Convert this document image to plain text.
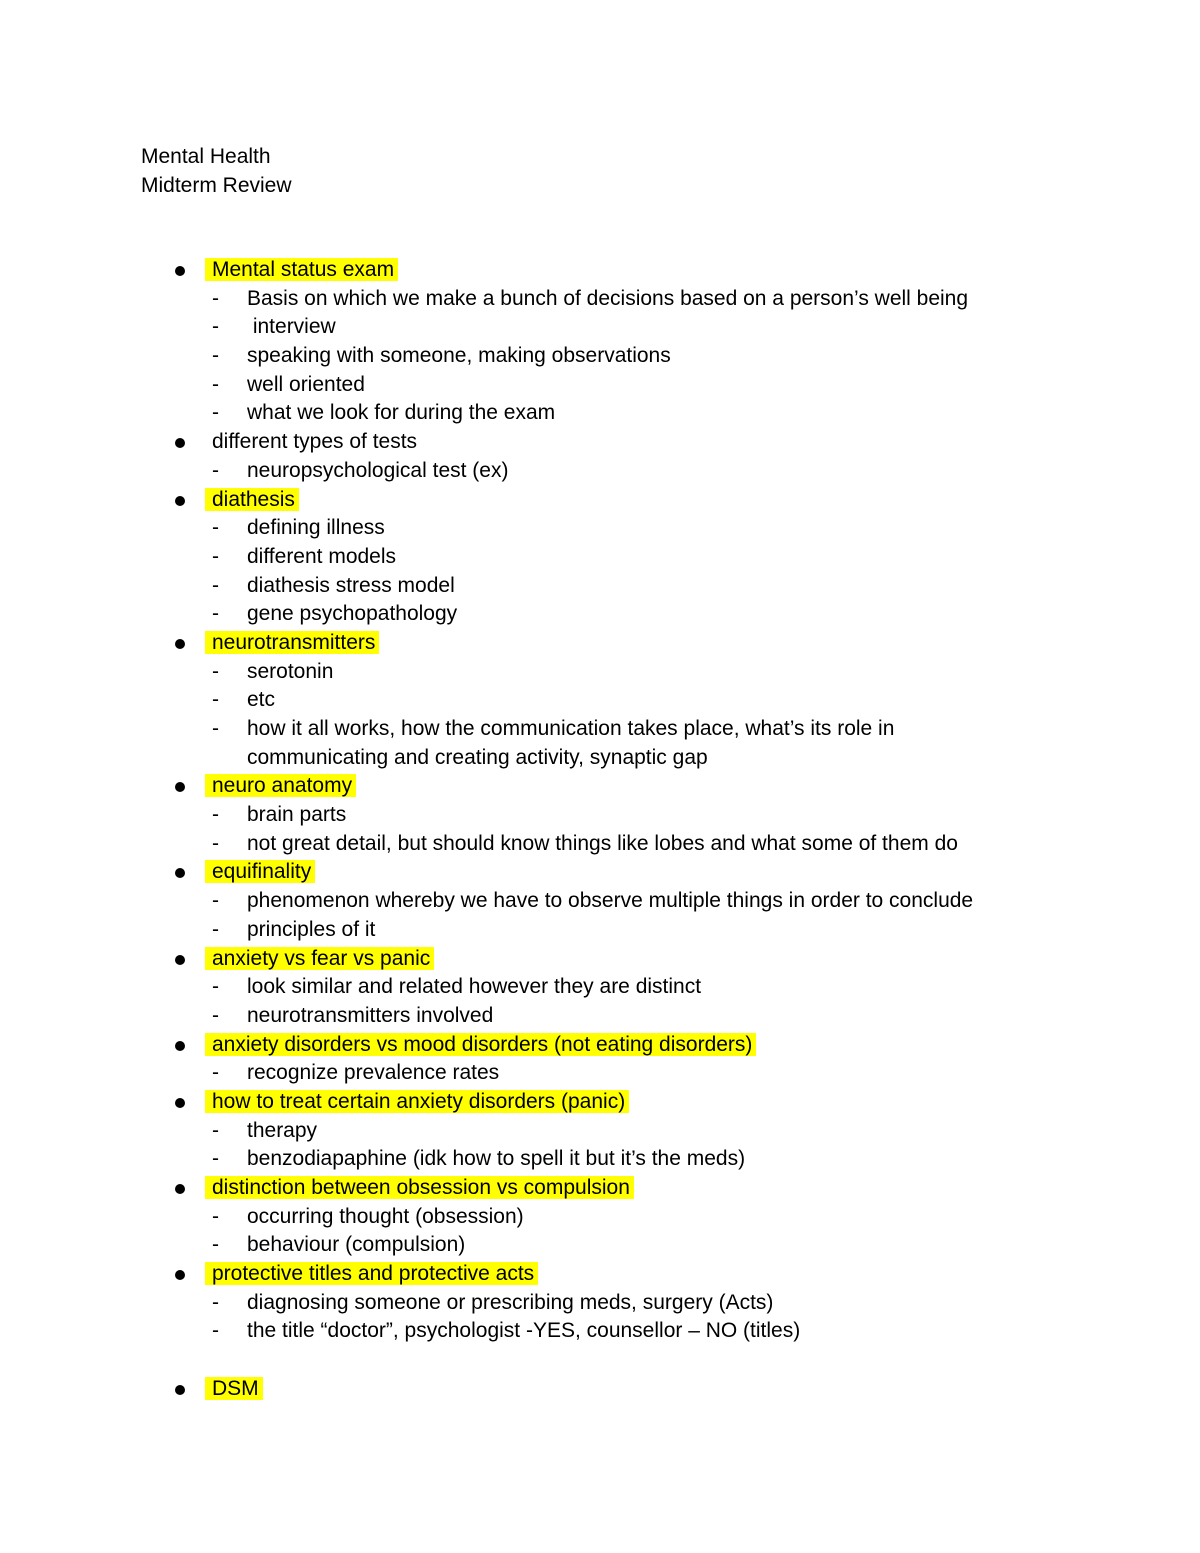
Mental Health
Midterm Review
Mental status exam
- Basis on which we make a bunch of decisions based on a person’s well being
- interview
- speaking with someone, making observations
- well oriented
- what we look for during the exam
different types of tests
- neuropsychological test (ex)
diathesis
- defining illness
- different models
- diathesis stress model
- gene psychopathology
neurotransmitters
- serotonin
- etc
- how it all works, how the communication takes place, what’s its role in
communicating and creating activity, synaptic gap
neuro anatomy
- brain parts
- not great detail, but should know things like lobes and what some of them do
equifinality
- phenomenon whereby we have to observe multiple things in order to conclude
- principles of it
anxiety vs fear vs panic
- look similar and related however they are distinct
- neurotransmitters involved
anxiety disorders vs mood disorders (not eating disorders)
- recognize prevalence rates
how to treat certain anxiety disorders (panic)
- therapy
- benzodiapaphine (idk how to spell it but it’s the meds)
distinction between obsession vs compulsion
- occurring thought (obsession)
- behaviour (compulsion)
protective titles and protective acts
- diagnosing someone or prescribing meds, surgery (Acts)
- the title “doctor”, psychologist -YES, counsellor – NO (titles)
DSM
